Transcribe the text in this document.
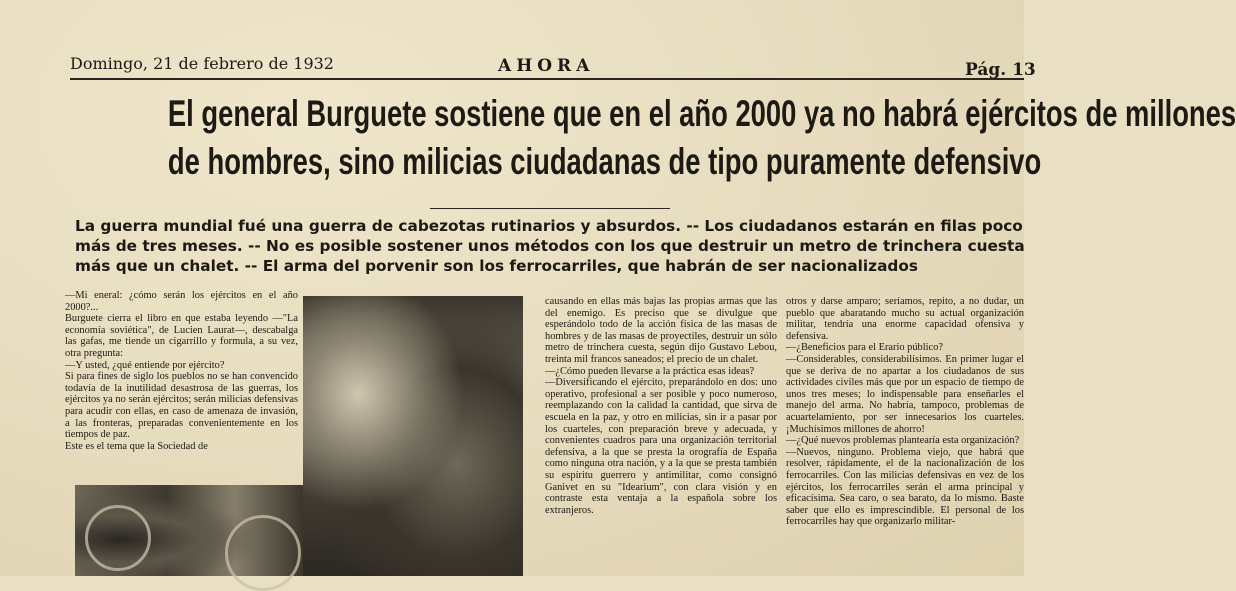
Domingo, 21 de febrero de 1932	AHORA	Pág. 13
El general Burguete sostiene que en el año 2000 ya no habrá ejércitos de millones
de hombres, sino milicias ciudadanas de tipo puramente defensivo
La guerra mundial fué una guerra de cabezotas rutinarios y absurdos. -- Los ciudadanos estarán en filas poco
más de tres meses. -- No es posible sostener unos métodos con los que destruir un metro de trinchera cuesta
más que un chalet. -- El arma del porvenir son los ferrocarriles, que habrán de ser nacionalizados

—Mi eneral: ¿cómo serán los ejércitos en el año 2000?...

Burguete cierra el libro en que estaba leyendo —"La economía soviética", de Lucien Laurat—, descabalga las gafas, me tiende un cigarrillo y formula, a su vez, otra pregunta:

—Y usted, ¿qué entiende por ejército?

Si para fines de siglo los pueblos no se han convencido todavía de la inutilidad desastrosa de las guerras, los ejércitos ya no serán ejércitos; serán milicias defensivas para acudir con ellas, en caso de amenaza de invasión, a las fronteras, preparadas convenientemente en los tiempos de paz.

Este es el tema que la Sociedad de

causando en ellas más bajas las propias armas que las del enemigo. Es preciso que se divulgue que esperándolo todo de la acción física de las masas de hombres y de las masas de proyectiles, destruir un sólo metro de trinchera cuesta, según dijo Gustavo Lebou, treinta mil francos saneados; el precio de un chalet.

—¿Cómo pueden llevarse a la práctica esas ideas?

—Diversificando el ejército, preparándolo en dos: uno operativo, profesional a ser posible y poco numeroso, reemplazando con la calidad la cantidad, que sirva de escuela en la paz, y otro en milicias, sin ir a pasar por los cuarteles, con preparación breve y adecuada, y convenientes cuadros para una organización territorial defensiva, a la que se presta la orografía de España como ninguna otra nación, y a la que se presta también su espíritu guerrero y antimilitar, como consignó Ganivet en su "Idearium", con clara visión y en contraste esta ventaja a la española sobre los extranjeros.

otros y darse amparo; seríamos, repito, a no dudar, un pueblo que abaratando mucho su actual organización militar, tendría una enorme capacidad ofensiva y defensiva.

—¿Beneficios para el Erario público?

—Considerables, considerabilísimos. En primer lugar el que se deriva de no apartar a los ciudadanos de sus actividades civiles más que por un espacio de tiempo de unos tres meses; lo indispensable para enseñarles el manejo del arma. No habría, tampoco, problemas de acuartelamiento, por ser innecesarios los cuarteles. ¡Muchísimos millones de ahorro!

—¿Qué nuevos problemas plantearía esta organización?

—Nuevos, ninguno. Problema viejo, que habrá que resolver, rápidamente, el de la nacionalización de los ferrocarriles. Con las milicias defensivas en vez de los ejércitos, los ferrocarriles serán el arma principal y eficacísima. Sea caro, o sea barato, da lo mismo. Baste saber que ello es imprescindible. El personal de los ferrocarriles hay que organizarlo militar-
